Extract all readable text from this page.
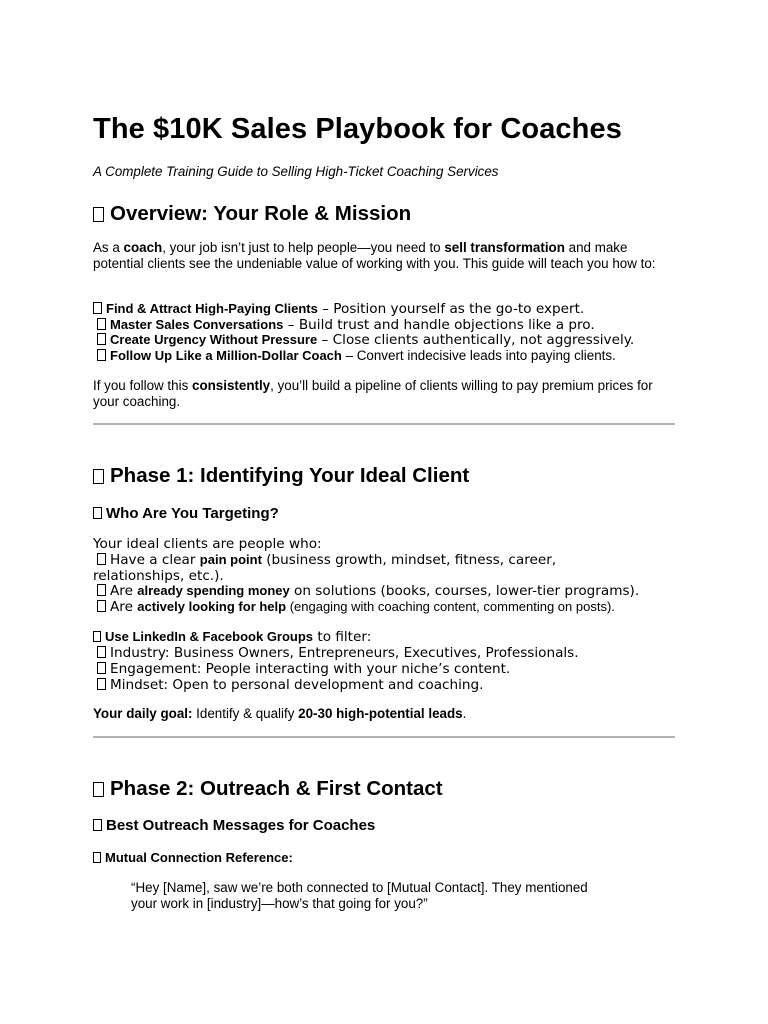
The $10K Sales Playbook for Coaches
A Complete Training Guide to Selling High-Ticket Coaching Services
Overview: Your Role & Mission
As a coach, your job isn’t just to help people—you need to sell transformation and make potential clients see the undeniable value of working with you. This guide will teach you how to:
Find & Attract High-Paying Clients – Position yourself as the go-to expert.
Master Sales Conversations – Build trust and handle objections like a pro.
Create Urgency Without Pressure – Close clients authentically, not aggressively.
Follow Up Like a Million-Dollar Coach – Convert indecisive leads into paying clients.
If you follow this consistently, you’ll build a pipeline of clients willing to pay premium prices for your coaching.
Phase 1: Identifying Your Ideal Client
Who Are You Targeting?
Your ideal clients are people who:
Have a clear pain point (business growth, mindset, fitness, career,
relationships, etc.).
Are already spending money on solutions (books, courses, lower-tier programs).
Are actively looking for help (engaging with coaching content, commenting on posts).
Use LinkedIn & Facebook Groups to filter:
Industry: Business Owners, Entrepreneurs, Executives, Professionals.
Engagement: People interacting with your niche’s content.
Mindset: Open to personal development and coaching.
Your daily goal: Identify & qualify 20-30 high-potential leads.
Phase 2: Outreach & First Contact
Best Outreach Messages for Coaches
Mutual Connection Reference:
“Hey [Name], saw we’re both connected to [Mutual Contact]. They mentioned
your work in [industry]—how’s that going for you?”
